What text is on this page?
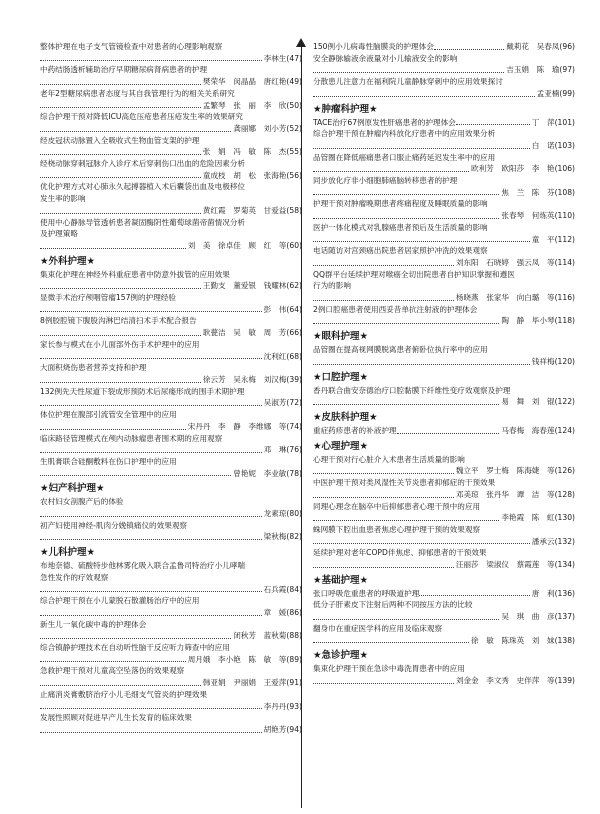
整体护理在电子支气管镜检查中对患者的心理影响观察
李林生 (47)
中药结肠透析辅助治疗早期糖尿病肾病患者的护理
樊荣华　闵晶晶　唐红艳 (49)
老年2型糖尿病患者态度与其自我管理行为的相关关系研究
孟繁琴　张　丽　李　欣 (50)
综合护理干预对降低ICU高危压疮患者压疮发生率的效果研究
龚丽娜　刘小芳 (52)
经皮冠状动脉置入全吸收式生物血管支架的护理
张　娟　冯　敏　陈　杰 (55)
经桡动脉穿刺冠脉介入诊疗术后穿刺伤口出血的危险因素分析
童成枝　胡　松　张海艳 (56)
优化护理方式对心肺永久起搏器植入术后囊袋出血及电极移位
发生率的影响
黄红霞　罗菊英　甘爱益 (58)
使用中心静脉导管透析患者凝固酶阴性葡萄球菌帝菌情况分析
及护理策略
刘　美　徐卓佳　顾　红　等 (60)
★外科护理★
集束化护理在神经外科重症患者中防意外拔管的应用效果
王勤支　董爱银　钱耀林 (62)
显微手术治疗颅咽管瘤157例的护理经验
彭　伟 (64)
8例胶腔镜下腹股沟淋巴结清扫术手术配合报告
耿甍洁　吴　敏　周　芳 (66)
家长参与模式在小儿面部外伤手术护理中的应用
沈利红 (68)
大面积烧伤患者营养支持和护理
徐云芳　吴永梅　刘汉梅 (39)
132例先天性尿道下裂成形预防术后尿瘘形成的围手术期护理
吴淑芳 (72)
体位护理在腹部引流管安全管理中的应用
宋丹丹　李　静　李维娜　等 (74)
临床路径管理模式在颅内动脉瘤患者围术期的应用观察
邓　琳 (76)
生肌膏联合硅酮敷料在伤口护理中的应用
曾艳妮　李业敏 (78)
★妇产科护理★
农村妇女剖腹产后的体验
龙素琼 (80)
初产妇使用神经-肌肉分娩镇痛仪的效果观察
梁秋梅 (82)
★儿科护理★
布地奈德、硫酸特步他林雾化吸入联合孟鲁司特治疗小儿哮喘
急性发作的疗效观察
石兵霞 (84)
综合护理干预在小儿蒙脱石散灌肠治疗中的应用
章　媛 (86)
新生儿一氧化碳中毒的护理体会
闭秋芳　蓝秋菊 (88)
综合镇静护理技术在自动听性脑干反应听力筛查中的应用
周月娥　李小艳　陈　敏　等 (89)
急救护理干预对儿童高空坠落伤的效果观察
韩亚娟　尹丽娟　王爱萍 (91)
止痛消炎膏敷脐治疗小儿毛细支气管炎的护理效果
李丹丹 (93)
发展性照顾对促进早产儿生长发育的临床效果
胡艳芳 (94)
150例小儿病毒性脑膜炎的护理体会	戴莉花　吴春凤 (96)
安全静脉输液余液量对小儿输液安全的影响
吉玉娟　陈　瑜 (97)
分散患儿注意力在福利院儿童静脉穿刺中的应用效果探讨
孟亚楠 (99)
★肿瘤科护理★
TACE治疗67例原发性肝癌患者的护理体会	丁　萍 (101)
综合护理干预在肿瘤内科放化疗患者中的应用效果分析
白　诺 (103)
品管圈在降低癌痛患者口服止痛药延迟发生率中的应用
欧利芳　欧阳莎　李　艳 (106)
同步放化疗非小细胞肺癌脑转移患者的护理
焦　兰　陈　芬 (108)
护理干预对肿瘤晚期患者疼痛程度及睡眠质量的影响
张春琴　何炼英 (110)
医护一体化模式对乳腺癌患者预后及生活质量的影响
童　平 (112)
电话随访对宫颈癌出院患者居家照护冲洗的效果观察
刘东阳　石晓婷　强云凤　等 (114)
QQ群平台延续护理对喉癌全切出院患者自护知识掌握和遵医
行为的影响
杨晓燕　张家华　向白璐　等 (116)
2例口腔癌患者使用西妥昔单抗注射液的护理体会
陶　静　毕小琴 (118)
★眼科护理★
品管圈在提高视网膜脱离患者俯卧位执行率中的应用
钱祥梅 (120)
★口腔护理★
香丹联合曲安奈德治疗口腔黏膜下纤维性变疗效观察及护理
易　舞　刘　锟 (122)
★皮肤科护理★
重症药疹患者的补液护理	马春梅　海春莲 (124)
★心理护理★
心理干预对行心脏介入术患者生活质量的影响
魏立平　罗士梅　陈海婕　等 (126)
中医护理干预对类风湿性关节炎患者抑郁症的干预效果
邓美琼　张丹华　谭　洁　等 (128)
同理心理念在脑卒中后抑郁患者心理干预中的应用
李艳霞　陈　虹 (130)
蛛网膜下腔出血患者焦虑心理护理干预的效果观察
潘承云 (132)
延续护理对老年COPD伴焦虑、抑郁患者的干预效果
汪丽莎　梁淑仪　蔡霞莲　等 (134)
★基础护理★
张口呼吸危重患者的呼吸道护理	唐　利 (136)
低分子肝素皮下注射后两种不同按压方法的比较
吴　琪　曲　彦 (137)
翻身巾在重症医学科的应用及临床观察
徐　敏　陈珠英　刘　妹 (138)
★急诊护理★
集束化护理干预在急诊中毒洗胃患者中的应用
刘金金　李文秀　史伴萍　等 (139)
